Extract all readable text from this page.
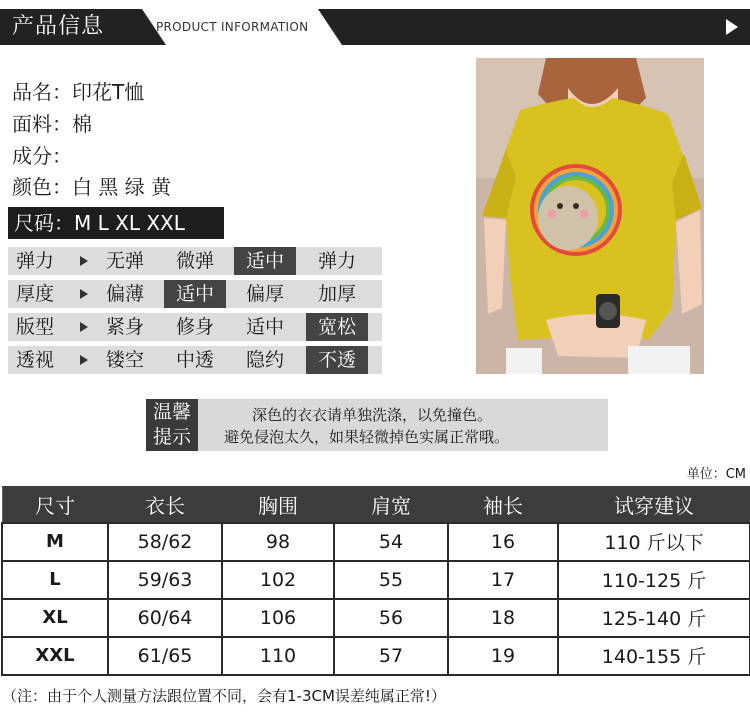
产品信息	PRODUCT INFORMATION
品名：印花T恤
面料：棉
成分：
颜色：白 黑 绿 黄
尺码：M L XL XXL
弹力	无弹	微弹	适中	弹力
厚度	偏薄	适中	偏厚	加厚
版型	紧身	修身	适中	宽松
透视	镂空	中透	隐约	不透
温馨
提示
深色的衣衣请单独洗涤，以免撞色。
避免侵泡太久，如果轻微掉色实属正常哦。
单位：CM
尺寸	衣长	胸围	肩宽	袖长	试穿建议
M	58/62	98	54	16	110 斤以下
L	59/63	102	55	17	110-125 斤
XL	60/64	106	56	18	125-140 斤
XXL	61/65	110	57	19	140-155 斤
（注：由于个人测量方法跟位置不同，会有1-3CM误差纯属正常!）
